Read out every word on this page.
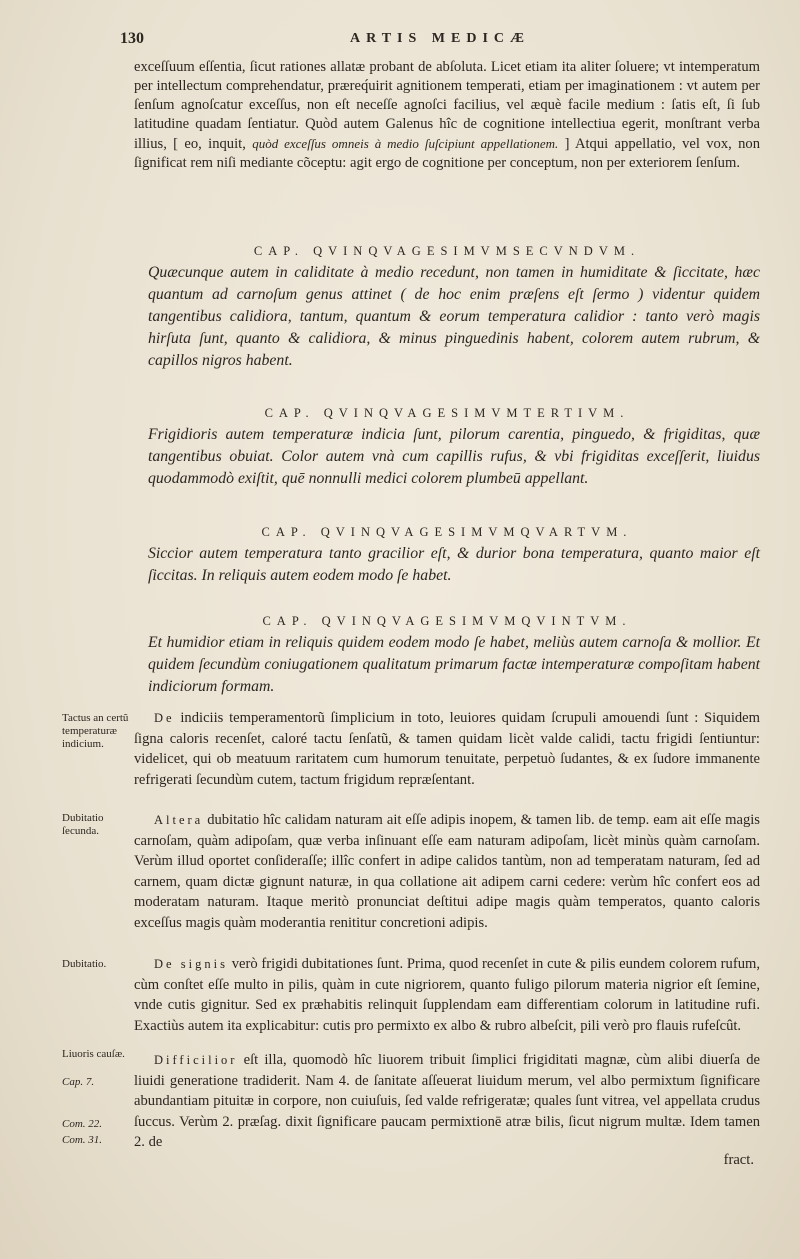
130	ARTIS MEDICÆ
exceſſuum eſſentia, ſicut rationes allatæ probant de abſoluta. Licet etiam ita aliter ſoluere; vt intemperatum per intellectum comprehendatur, præreq́uirit agnitionem temperati, etiam per imaginationem : vt autem per ſenſum agnoſcatur exceſſus, non eſt neceſſe agnoſci facilius, vel æquè facile medium : ſatis eſt, ſi ſub latitudine quadam ſentiatur. Quòd autem Galenus hîc de cognitione intellectiua egerit, monſtrant verba illius, [ eo, inquit, quòd exceſſus omneis à medio ſuſcipiunt appellationem. ] Atqui appellatio, vel vox, non ſignificat rem niſi mediante cõceptu: agit ergo de cognitione per conceptum, non per exteriorem ſenſum.
CAP. QVINQVAGESIMVMSECVNDVM.
Quæcunque autem in caliditate à medio recedunt, non tamen in humiditate & ſiccitate, hæc quantum ad carnoſum genus attinet ( de hoc enim præſens eſt ſermo ) videntur quidem tangentibus calidiora, tantum, quantum & eorum temperatura calidior : tanto verò magis hirſuta ſunt, quanto & calidiora, & minus pinguedinis habent, colorem autem rubrum, & capillos nigros habent.
CAP. QVINQVAGESIMVMTERTIVM.
Frigidioris autem temperaturæ indicia ſunt, pilorum carentia, pinguedo, & frigiditas, quæ tangentibus obuiat. Color autem vnà cum capillis rufus, & vbi frigiditas exceſſerit, liuidus quodammodò exiſtit, quē nonnulli medici colorem plumbeū appellant.
CAP. QVINQVAGESIMVMQVARTVM.
Siccior autem temperatura tanto gracilior eſt, & durior bona temperatura, quanto maior eſt ſiccitas. In reliquis autem eodem modo ſe habet.
CAP. QVINQVAGESIMVMQVINTVM.
Et humidior etiam in reliquis quidem eodem modo ſe habet, meliùs autem carnoſa & mollior. Et quidem ſecundùm coniugationem qualitatum primarum factæ intemperaturæ compoſitam habent indiciorum formam.
De indiciis temperamentorũ ſimplicium in toto, leuiores quidam ſcrupuli amouendi ſunt : Siquidem ſigna caloris recenſet, caloré tactu ſenſatũ, & tamen quidam licèt valde calidi, tactu frigidi ſentiuntur: videlicet, qui ob meatuum raritatem cum humorum tenuitate, perpetuò ſudantes, & ex ſudore immanente refrigerati ſecundùm cutem, tactum frigidum repræſentant.
Altera dubitatio hîc calidam naturam ait eſſe adipis inopem, & tamen lib. de temp. eam ait eſſe magis carnoſam, quàm adipoſam, quæ verba inſinuant eſſe eam naturam adipoſam, licèt minùs quàm carnoſam. Verùm illud oportet conſideraſſe; illîc confert in adipe calidos tantùm, non ad temperatam naturam, ſed ad carnem, quam dictæ gignunt naturæ, in qua collatione ait adipem carni cedere: verùm hîc confert eos ad moderatam naturam. Itaque meritò pronunciat deſtitui adipe magis quàm temperatos, quanto caloris exceſſus magis quàm moderantia renititur concretioni adipis.
De signis verò frigidi dubitationes ſunt. Prima, quod recenſet in cute & pilis eundem colorem rufum, cùm conſtet eſſe multo in pilis, quàm in cute nigriorem, quanto fuligo pilorum materia nigrior eſt ſemine, vnde cutis gignitur. Sed ex præhabitis relinquit ſupplendam eam differentiam colorum in latitudine rufi. Exactiùs autem ita explicabitur: cutis pro permixto ex albo & rubro albeſcit, pili verò pro flauis rufeſcût.
Difficilior eſt illa, quomodò hîc liuorem tribuit ſimplici frigiditati magnæ, cùm alibi diuerſa de liuidi generatione tradiderit. Nam 4. de ſanitate aſſeuerat liuidum merum, vel albo permixtum ſignificare abundantiam pituitæ in corpore, non cuiuſuis, ſed valde refrigeratæ; quales ſunt vitrea, vel appellata crudus ſuccus. Verùm 2. præſag. dixit ſignificare paucam permixtionē atræ bilis, ſicut nigrum multæ. Idem tamen 2. de
fract.
Tactus an certũ temperaturæ indicium.
Dubitatio ſecunda.
Dubitatio.
Liuoris cauſæ.
Cap. 7.
Com. 22.
Com. 31.
